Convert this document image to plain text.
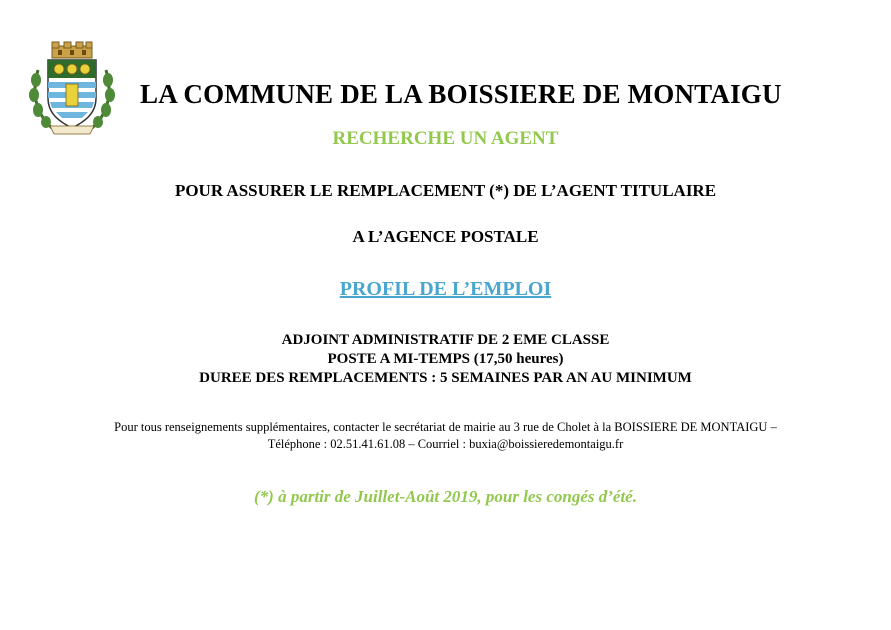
LA COMMUNE DE LA BOISSIERE DE MONTAIGU
RECHERCHE UN AGENT
POUR ASSURER LE REMPLACEMENT (*) DE L’AGENT TITULAIRE
A L’AGENCE POSTALE
PROFIL DE L’EMPLOI
ADJOINT ADMINISTRATIF DE 2 EME CLASSE
POSTE A MI-TEMPS (17,50 heures)
DUREE DES REMPLACEMENTS : 5 SEMAINES PAR AN AU MINIMUM
Pour tous renseignements supplémentaires, contacter le secrétariat de mairie au 3 rue de Cholet à la BOISSIERE DE MONTAIGU –
Téléphone : 02.51.41.61.08 – Courriel : buxia@boissieredemontaigu.fr
(*) à partir de Juillet-Août 2019, pour les congés d’été.
